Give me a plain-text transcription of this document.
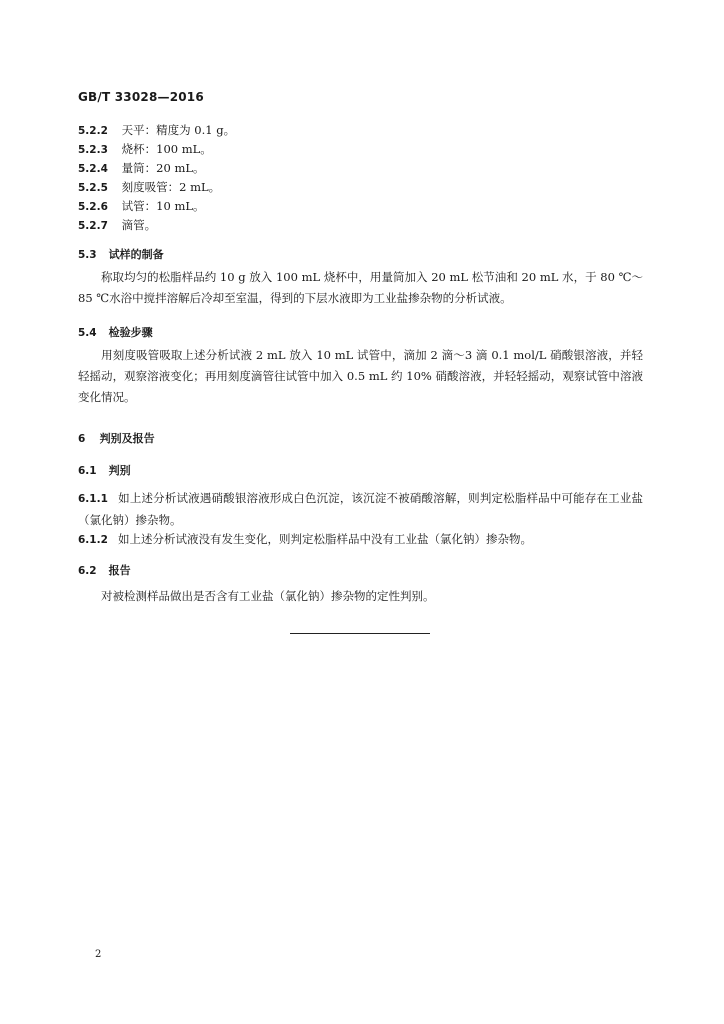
GB/T 33028—2016
5.2.2 天平：精度为 0.1 g。
5.2.3 烧杯：100 mL。
5.2.4 量筒：20 mL。
5.2.5 刻度吸管：2 mL。
5.2.6 试管：10 mL。
5.2.7 滴管。
5.3 试样的制备
称取均匀的松脂样品约 10 g 放入 100 mL 烧杯中，用量筒加入 20 mL 松节油和 20 mL 水，于 80 ℃～85 ℃水浴中搅拌溶解后冷却至室温，得到的下层水液即为工业盐掺杂物的分析试液。
5.4 检验步骤
用刻度吸管吸取上述分析试液 2 mL 放入 10 mL 试管中，滴加 2 滴～3 滴 0.1 mol/L 硝酸银溶液，并轻轻摇动，观察溶液变化；再用刻度滴管往试管中加入 0.5 mL 约 10% 硝酸溶液，并轻轻摇动，观察试管中溶液变化情况。
6 判别及报告
6.1 判别
6.1.1 如上述分析试液遇硝酸银溶液形成白色沉淀，该沉淀不被硝酸溶解，则判定松脂样品中可能存在工业盐（氯化钠）掺杂物。
6.1.2 如上述分析试液没有发生变化，则判定松脂样品中没有工业盐（氯化钠）掺杂物。
6.2 报告
对被检测样品做出是否含有工业盐（氯化钠）掺杂物的定性判别。
2
